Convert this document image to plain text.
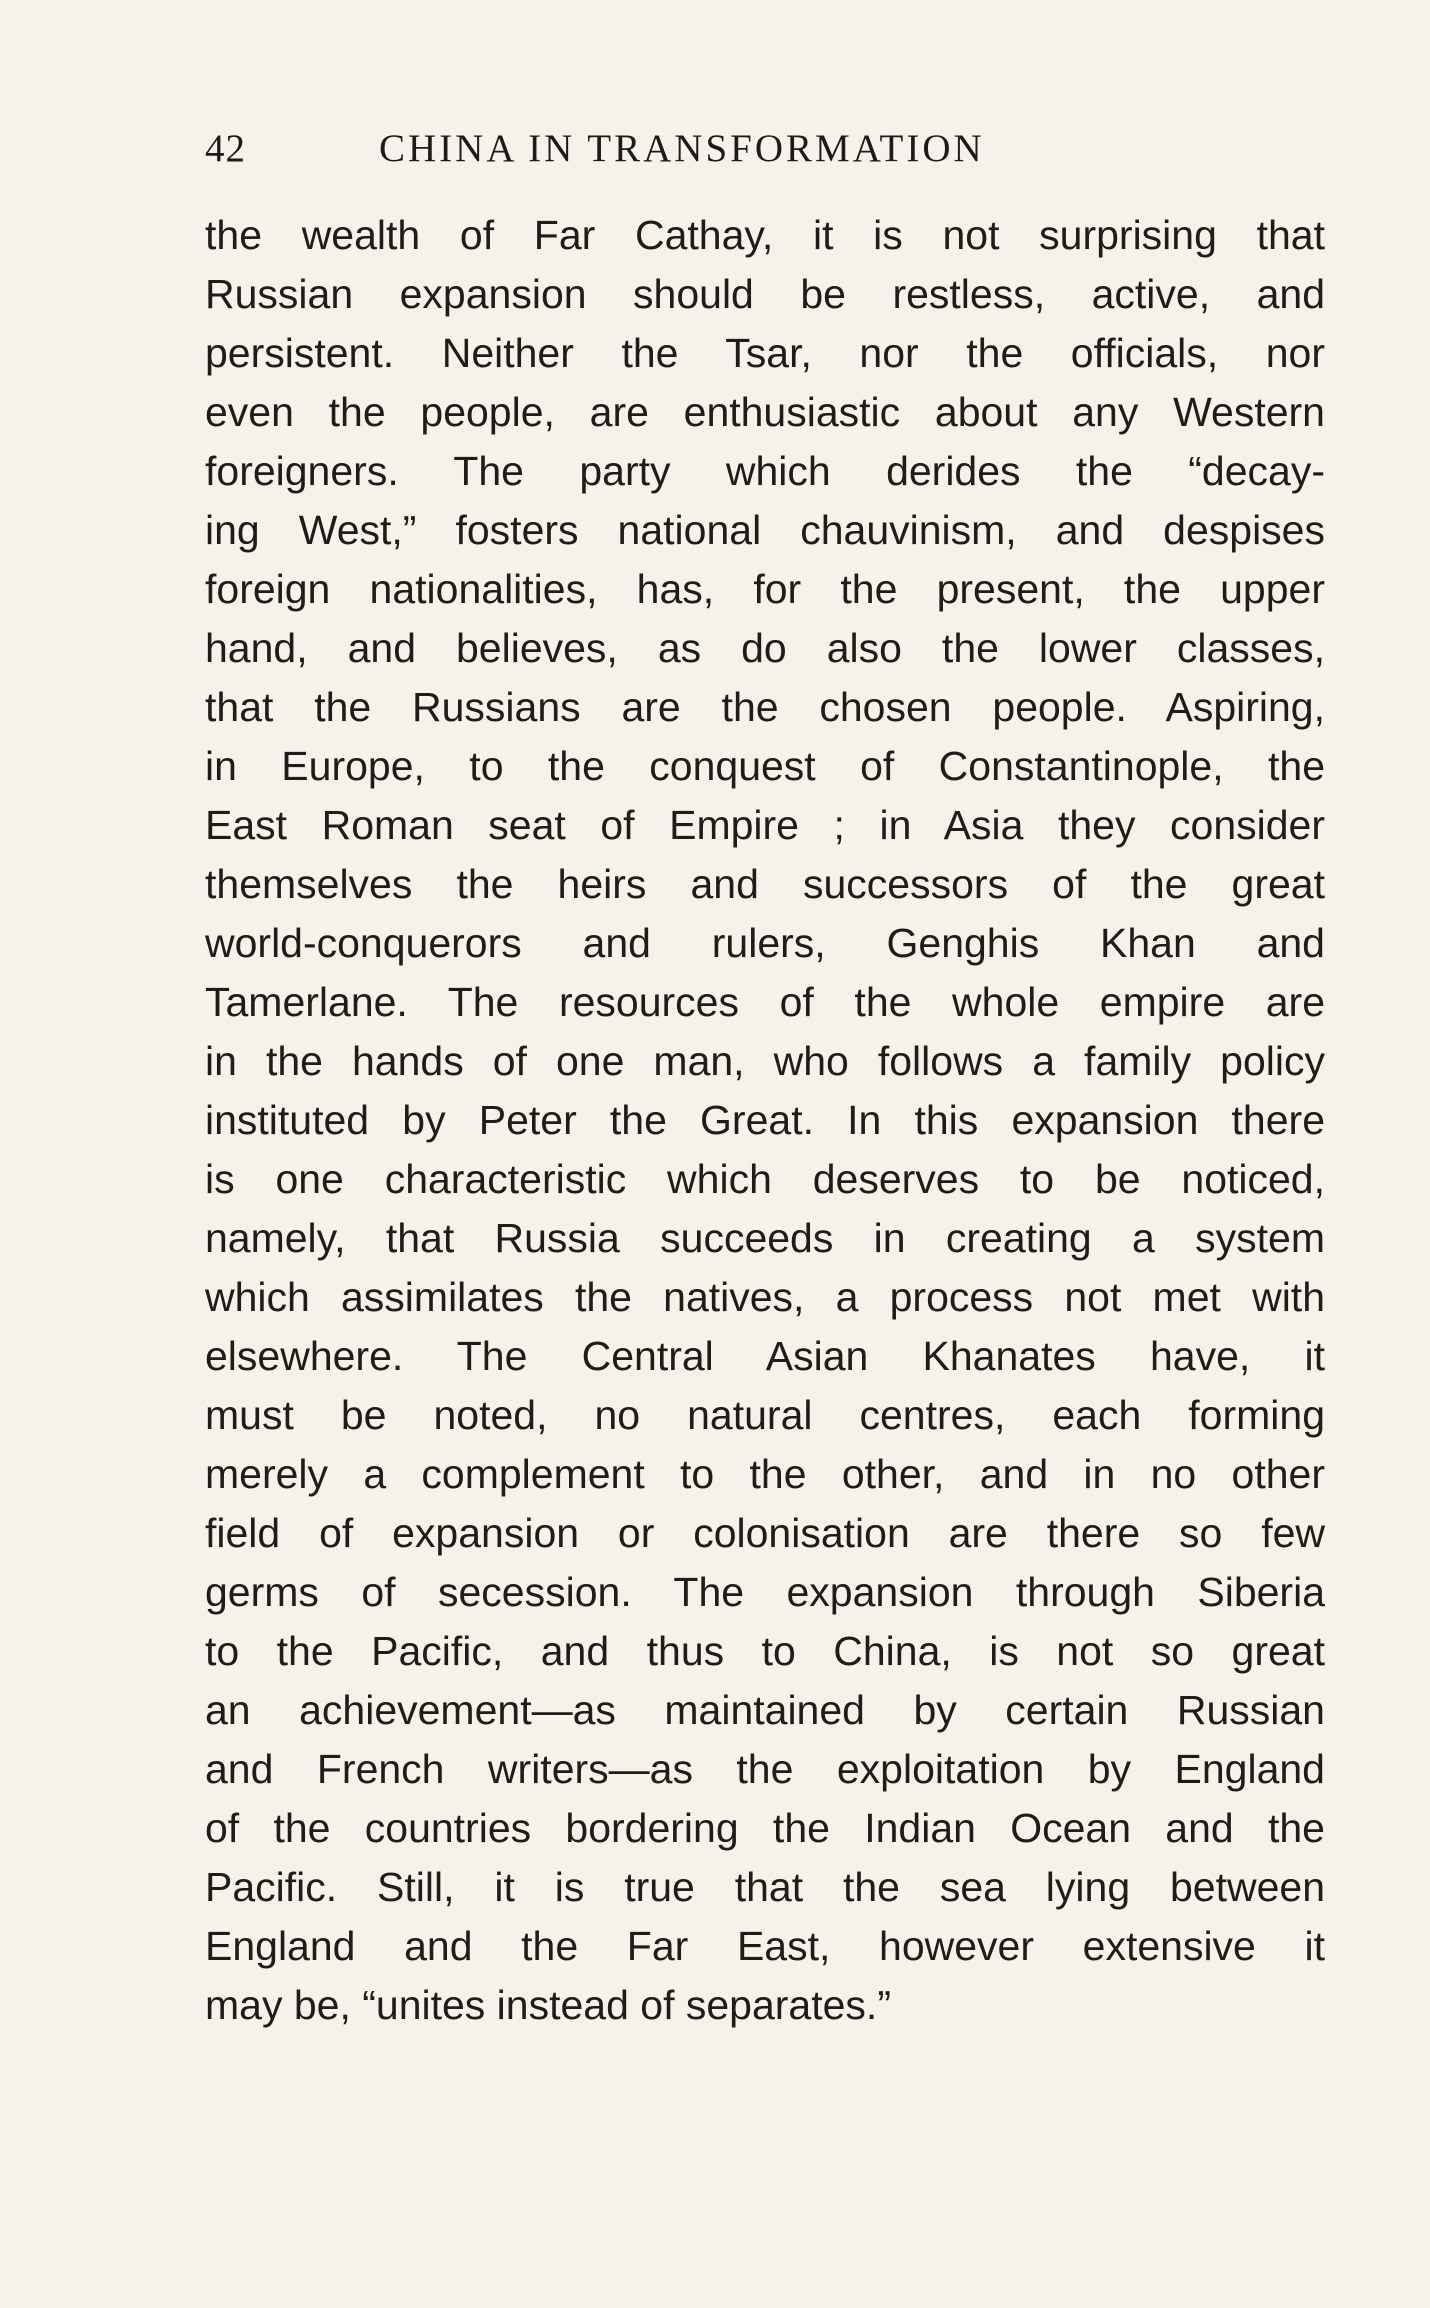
42	CHINA IN TRANSFORMATION
the wealth of Far Cathay, it is not surprising that
Russian expansion should be restless, active, and
persistent. Neither the Tsar, nor the officials, nor
even the people, are enthusiastic about any Western
foreigners. The party which derides the “decay-
ing West,” fosters national chauvinism, and despises
foreign nationalities, has, for the present, the upper
hand, and believes, as do also the lower classes,
that the Russians are the chosen people. Aspiring,
in Europe, to the conquest of Constantinople, the
East Roman seat of Empire ; in Asia they consider
themselves the heirs and successors of the great
world-conquerors and rulers, Genghis Khan and
Tamerlane. The resources of the whole empire are
in the hands of one man, who follows a family policy
instituted by Peter the Great. In this expansion there
is one characteristic which deserves to be noticed,
namely, that Russia succeeds in creating a system
which assimilates the natives, a process not met with
elsewhere. The Central Asian Khanates have, it
must be noted, no natural centres, each forming
merely a complement to the other, and in no other
field of expansion or colonisation are there so few
germs of secession. The expansion through Siberia
to the Pacific, and thus to China, is not so great
an achievement—as maintained by certain Russian
and French writers—as the exploitation by England
of the countries bordering the Indian Ocean and the
Pacific. Still, it is true that the sea lying between
England and the Far East, however extensive it
may be, “unites instead of separates.”
